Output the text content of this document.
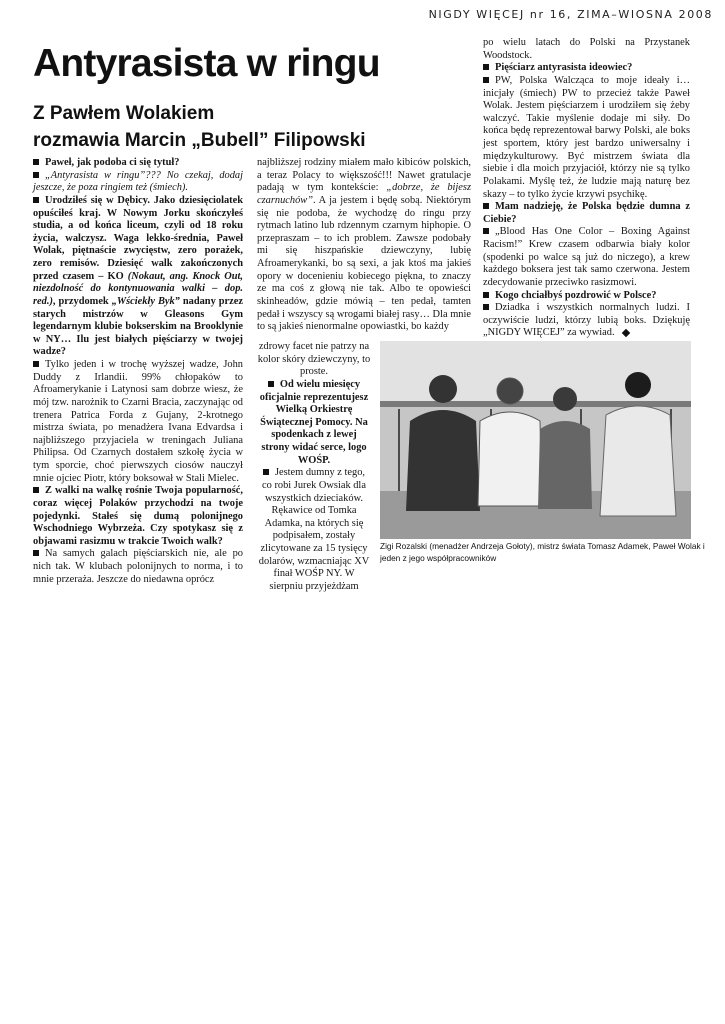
NIGDY WIĘCEJ nr 16, ZIMA–WIOSNA 2008
Antyrasista w ringu
Z Pawłem Wolakiem
rozmawia Marcin „Bubell” Filipowski

Paweł, jak podoba ci się tytuł?

„Antyrasista w ringu”??? No czekaj, dodaj jeszcze, że poza ringiem też (śmiech).

Urodziłeś się w Dębicy. Jako dziesięciolatek opuściłeś kraj. W Nowym Jorku skończyłeś studia, a od końca liceum, czyli od 18 roku życia, walczysz. Waga lekko-średnia, Paweł Wolak, piętnaście zwycięstw, zero porażek, zero remisów. Dziesięć walk zakończonych przed czasem – KO (Nokaut, ang. Knock Out, niezdolność do kontynuowania walki – dop. red.), przydomek „Wściekły Byk” nadany przez starych mistrzów w Gleasons Gym legendarnym klubie bokserskim na Brooklynie w NY… Ilu jest białych pięściarzy w twojej wadze?

Tylko jeden i w trochę wyższej wadze, John Duddy z Irlandii. 99% chłopaków to Afroamerykanie i Latynosi sam dobrze wiesz, że mój tzw. narożnik to Czarni Bracia, zaczynając od trenera Patrica Forda z Gujany, 2-krotnego mistrza świata, po menadżera Ivana Edvardsa i najbliższego przyjaciela w treningach Juliana Philipsa. Od Czarnych dostałem szkołę życia w tym sporcie, choć pierwszych ciosów nauczył mnie ojciec Piotr, który boksował w Stali Mielec.

Z walki na walkę rośnie Twoja popularność, coraz więcej Polaków przychodzi na twoje pojedynki. Stałeś się dumą polonijnego Wschodniego Wybrzeża. Czy spotykasz się z objawami rasizmu w trakcie Twoich walk?

Na samych galach pięściarskich nie, ale po nich tak. W klubach polonijnych to norma, i to mnie przeraża. Jeszcze do niedawna oprócz

najbliższej rodziny miałem mało kibiców polskich, a teraz Polacy to większość!!! Nawet gratulacje padają w tym kontekście: „dobrze, że bijesz czarnuchów”. A ja jestem i będę sobą. Niektórym się nie podoba, że wychodzę do ringu przy rytmach latino lub rdzennym czarnym hiphopie. O przepraszam – to ich problem. Zawsze podobały mi się hiszpańskie dziewczyny, lubię Afroamerykanki, bo są sexi, a jak ktoś ma jakieś opory w docenieniu kobiecego piękna, to znaczy ze ma coś z głową nie tak. Albo te opowieści skinheadów, gdzie mówią – ten pedał, tamten pedał i wszyscy są wrogami białej rasy… Dla mnie to są jakieś nienormalne opowiastki, bo każdy

zdrowy facet nie patrzy na kolor skóry dziewczyny, to proste.

Od wielu miesięcy oficjalnie reprezentujesz Wielką Orkiestrę Świątecznej Pomocy. Na spodenkach z lewej strony widać serce, logo WOŚP.

Jestem dumny z tego, co robi Jurek Owsiak dla wszystkich dzieciaków. Rękawice od Tomka Adamka, na których się podpisałem, zostały zlicytowane za 15 tysięcy dolarów, wzmacniając XV finał WOŚP NY. W sierpniu przyjeżdżam

po wielu latach do Polski na Przystanek Woodstock.

Pięściarz antyrasista ideowiec?

PW, Polska Walcząca to moje ideały i… inicjały (śmiech) PW to przecież także Paweł Wolak. Jestem pięściarzem i urodziłem się żeby walczyć. Takie myślenie dodaje mi siły. Do końca będę reprezentował barwy Polski, ale boks jest sportem, który jest bardzo uniwersalny i międzykulturowy. Być mistrzem świata dla siebie i dla moich przyjaciół, którzy nie są tylko Polakami. Myślę też, że ludzie mają naturę bez skazy – to tylko życie krzywi psychikę.

Mam nadzieję, że Polska będzie dumna z Ciebie?

„Blood Has One Color – Boxing Against Racism!” Krew czasem odbarwia biały kolor (spodenki po walce są już do niczego), a krew każdego boksera jest tak samo czerwona. Jestem zdecydowanie przeciwko rasizmowi.

Kogo chciałbyś pozdrowić w Polsce?

Dziadka i wszystkich normalnych ludzi. I oczywiście ludzi, którzy lubią boks. Dziękuję „NIGDY WIĘCEJ” za wywiad.

Zigi Rozalski (menadżer Andrzeja Gołoty), mistrz świata Tomasz Adamek, Paweł Wolak i jeden z jego współpracowników
